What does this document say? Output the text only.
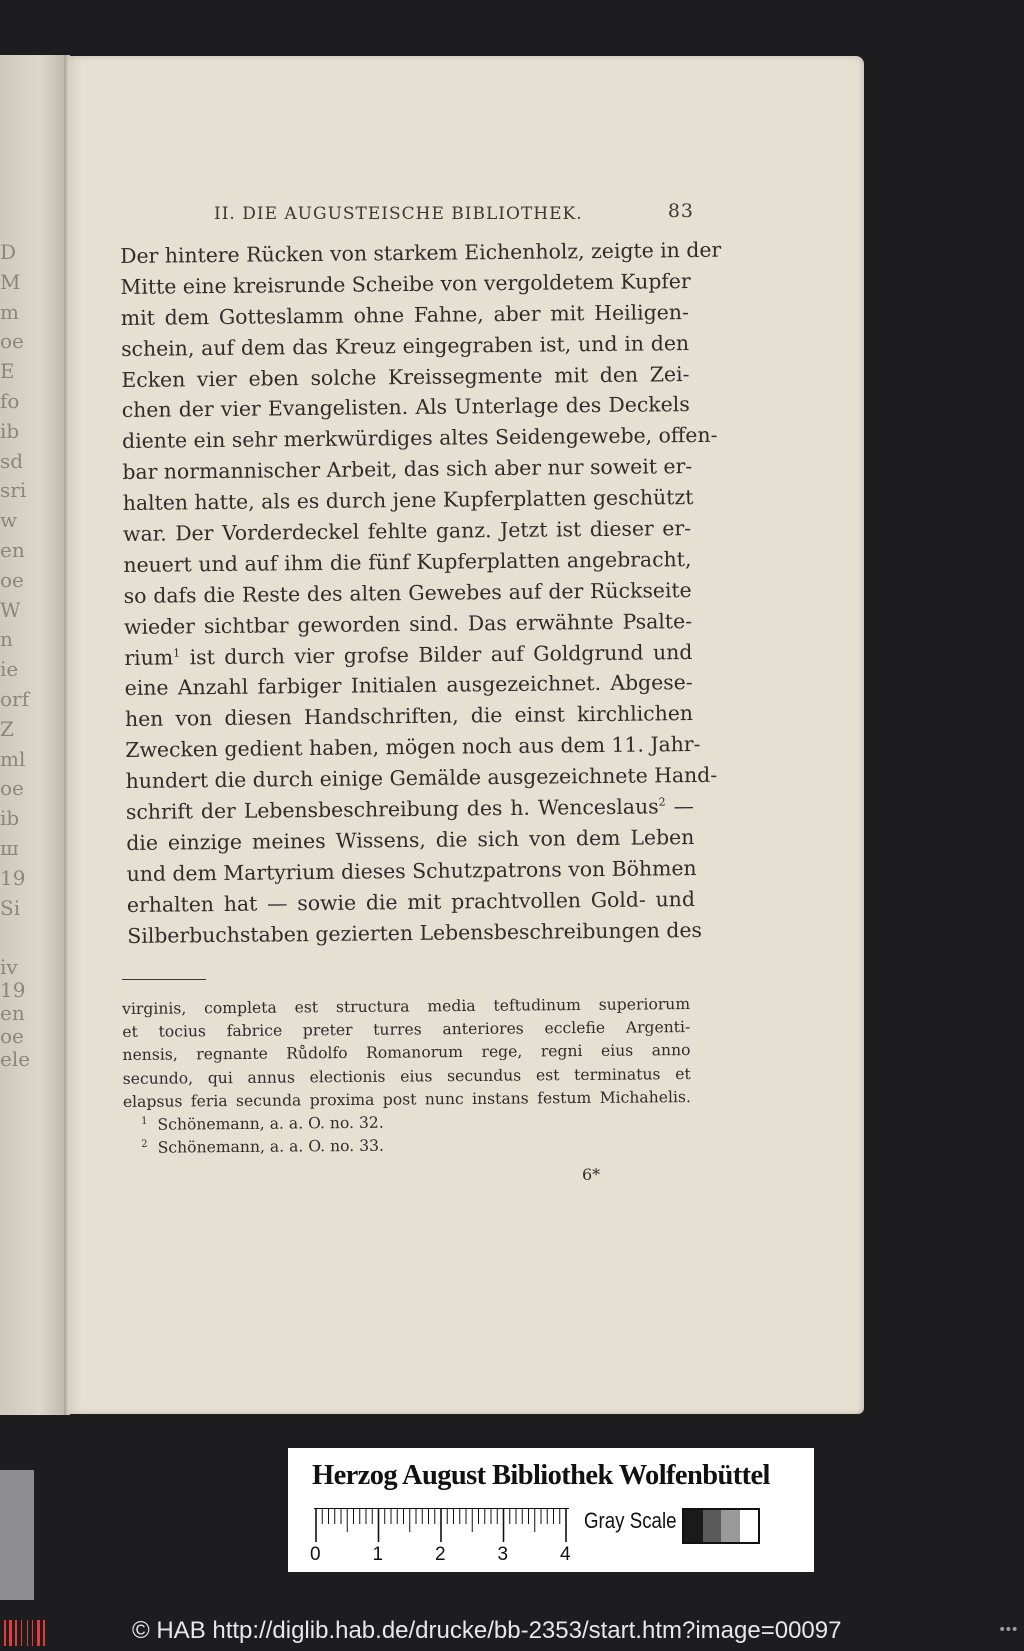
D
M
m
oe
E
fo
ib
sd
sri
w
en
oe
W
n
ie
orf
Z
ml
oe
ib
ш
19
Si
iv
19
en
oe
ele
II. DIE AUGUSTEISCHE BIBLIOTHEK.	83
Der hintere Rücken von starkem Eichenholz, zeigte in der
Mitte eine kreisrunde Scheibe von vergoldetem Kupfer
mit dem Gotteslamm ohne Fahne, aber mit Heiligen-
schein, auf dem das Kreuz eingegraben ist, und in den
Ecken vier eben solche Kreissegmente mit den Zei-
chen der vier Evangelisten. Als Unterlage des Deckels
diente ein sehr merkwürdiges altes Seidengewebe, offen-
bar normannischer Arbeit, das sich aber nur soweit er-
halten hatte, als es durch jene Kupferplatten geschützt
war. Der Vorderdeckel fehlte ganz. Jetzt ist dieser er-
neuert und auf ihm die fünf Kupferplatten angebracht,
so dafs die Reste des alten Gewebes auf der Rückseite
wieder sichtbar geworden sind. Das erwähnte Psalte-
rium$^1$ ist durch vier grofse Bilder auf Goldgrund und
eine Anzahl farbiger Initialen ausgezeichnet. Abgese-
hen von diesen Handschriften, die einst kirchlichen
Zwecken gedient haben, mögen noch aus dem 11. Jahr-
hundert die durch einige Gemälde ausgezeichnete Hand-
schrift der Lebensbeschreibung des h. Wenceslaus$^2$ —
die einzige meines Wissens, die sich von dem Leben
und dem Martyrium dieses Schutzpatrons von Böhmen
erhalten hat — sowie die mit prachtvollen Gold- und
Silberbuchstaben gezierten Lebensbeschreibungen des
virginis, completa est structura media teftudinum superiorum
et tocius fabrice preter turres anteriores ecclefie Argenti-
nensis, regnante Růdolfo Romanorum rege, regni eius anno
secundo, qui annus electionis eius secundus est terminatus et
elapsus feria secunda proxima post nunc instans festum Michahelis.
$^1$ Schönemann, a. a. O. no. 32.
$^2$ Schönemann, a. a. O. no. 33.
6*
Herzog August Bibliothek Wolfenbüttel
0	1	2	3	4
Gray Scale
© HAB http://diglib.hab.de/drucke/bb-2353/start.htm?image=00097	•••
